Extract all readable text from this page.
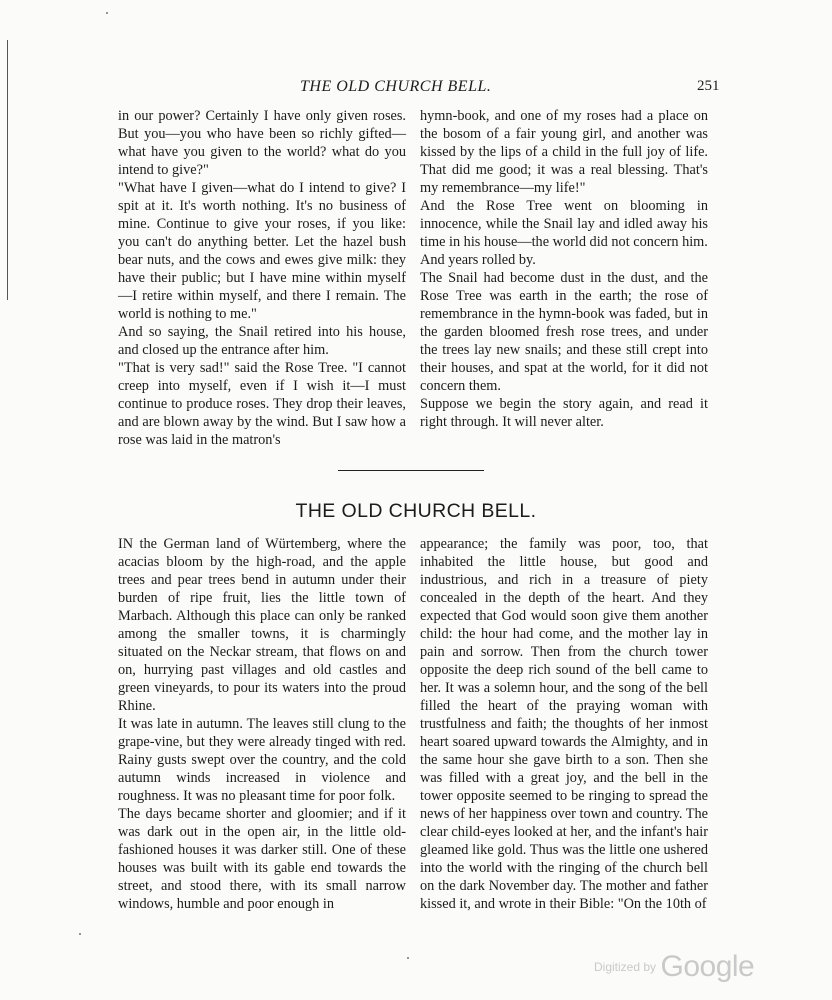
THE OLD CHURCH BELL.	251

in our power? Certainly I have only given roses. But you—you who have been so richly gifted—what have you given to the world? what do you intend to give?"

"What have I given—what do I intend to give? I spit at it. It's worth nothing. It's no business of mine. Continue to give your roses, if you like: you can't do anything better. Let the hazel bush bear nuts, and the cows and ewes give milk: they have their public; but I have mine within myself—I retire within myself, and there I remain. The world is nothing to me."

And so saying, the Snail retired into his house, and closed up the entrance after him.

"That is very sad!" said the Rose Tree. "I cannot creep into myself, even if I wish it—I must continue to produce roses. They drop their leaves, and are blown away by the wind. But I saw how a rose was laid in the matron's

hymn-book, and one of my roses had a place on the bosom of a fair young girl, and another was kissed by the lips of a child in the full joy of life. That did me good; it was a real blessing. That's my remembrance—my life!"

And the Rose Tree went on blooming in innocence, while the Snail lay and idled away his time in his house—the world did not concern him.

And years rolled by.

The Snail had become dust in the dust, and the Rose Tree was earth in the earth; the rose of remembrance in the hymn-book was faded, but in the garden bloomed fresh rose trees, and under the trees lay new snails; and these still crept into their houses, and spat at the world, for it did not concern them.

Suppose we begin the story again, and read it right through. It will never alter.

THE OLD CHURCH BELL.

IN the German land of Würtemberg, where the acacias bloom by the high-road, and the apple trees and pear trees bend in autumn under their burden of ripe fruit, lies the little town of Marbach. Although this place can only be ranked among the smaller towns, it is charmingly situated on the Neckar stream, that flows on and on, hurrying past villages and old castles and green vineyards, to pour its waters into the proud Rhine.

It was late in autumn. The leaves still clung to the grape-vine, but they were already tinged with red. Rainy gusts swept over the country, and the cold autumn winds increased in violence and roughness. It was no pleasant time for poor folk.

The days became shorter and gloomier; and if it was dark out in the open air, in the little old-fashioned houses it was darker still. One of these houses was built with its gable end towards the street, and stood there, with its small narrow windows, humble and poor enough in

appearance; the family was poor, too, that inhabited the little house, but good and industrious, and rich in a treasure of piety concealed in the depth of the heart. And they expected that God would soon give them another child: the hour had come, and the mother lay in pain and sorrow. Then from the church tower opposite the deep rich sound of the bell came to her. It was a solemn hour, and the song of the bell filled the heart of the praying woman with trustfulness and faith; the thoughts of her inmost heart soared upward towards the Almighty, and in the same hour she gave birth to a son. Then she was filled with a great joy, and the bell in the tower opposite seemed to be ringing to spread the news of her happiness over town and country. The clear child-eyes looked at her, and the infant's hair gleamed like gold. Thus was the little one ushered into the world with the ringing of the church bell on the dark November day. The mother and father kissed it, and wrote in their Bible: "On the 10th of

Digitized by Google
